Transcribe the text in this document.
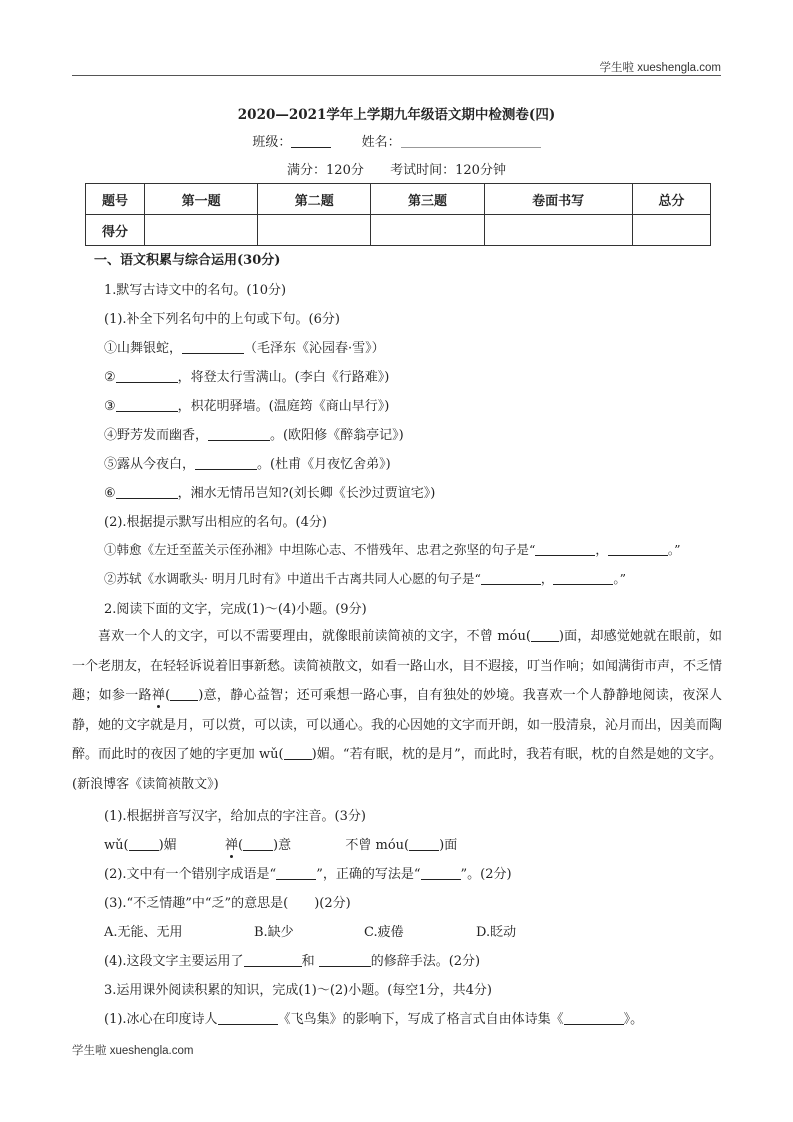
学生啦 xueshengla.com
2020—2021学年上学期九年级语文期中检测卷(四)
班级：	姓名：
满分：120分 考试时间：120分钟
题号	第一题	第二题	第三题	卷面书写	总分
得分					
一、语文积累与综合运用(30分)
1.默写古诗文中的名句。(10分)
(1).补全下列名句中的上句或下句。(6分)
①山舞银蛇，	（毛泽东《沁园春·雪》）
②	，将登太行雪满山。(李白《行路难》)
③	，枳花明驿墙。(温庭筠《商山早行》)
④野芳发而幽香，	。(欧阳修《醉翁亭记》)
⑤露从今夜白，	。(杜甫《月夜忆舍弟》)
⑥	，湘水无情吊岂知?(刘长卿《长沙过贾谊宅》)
(2).根据提示默写出相应的名句。(4分)
①韩愈《左迁至蓝关示侄孙湘》中坦陈心志、不惜残年、忠君之弥坚的句子是“	，	。”
②苏轼《水调歌头· 明月几时有》中道出千古离共同人心愿的句子是“	，	。”
2.阅读下面的文字，完成(1)～(4)小题。(9分)
喜欢一个人的文字，可以不需要理由，就像眼前读简祯的文字，不曾 móu( )面，却感觉她就在眼前，如一个老朋友，在轻轻诉说着旧事新愁。读简祯散文，如看一路山水，目不遐接，叮当作响；如闻满街市声，不乏情趣；如参一路禅( )意，静心益智；还可乘想一路心事，自有独处的妙境。我喜欢一个人静静地阅读，夜深人静，她的文字就是月，可以赏，可以读，可以通心。我的心因她的文字而开朗，如一股清泉，沁月而出，因美而陶醉。而此时的夜因了她的字更加 wǔ( )媚。“若有眠，枕的是月”，而此时，我若有眠，枕的自然是她的文字。(新浪博客《读简祯散文》)
(1).根据拼音写汉字，给加点的字注音。(3分)
wǔ( )媚	禅( )意	不曾 móu( )面
(2).文中有一个错别字成语是“	”，正确的写法是“	”。(2分)
(3).“不乏情趣”中“乏”的意思是(　　)(2分)
A.无能、无用	B.缺少	C.疲倦	D.眨动
(4).这段文字主要运用了	和	的修辞手法。(2分)
3.运用课外阅读积累的知识，完成(1)～(2)小题。(每空1分，共4分)
(1).冰心在印度诗人	《飞鸟集》的影响下，写成了格言式自由体诗集《	》。
学生啦 xueshengla.com
